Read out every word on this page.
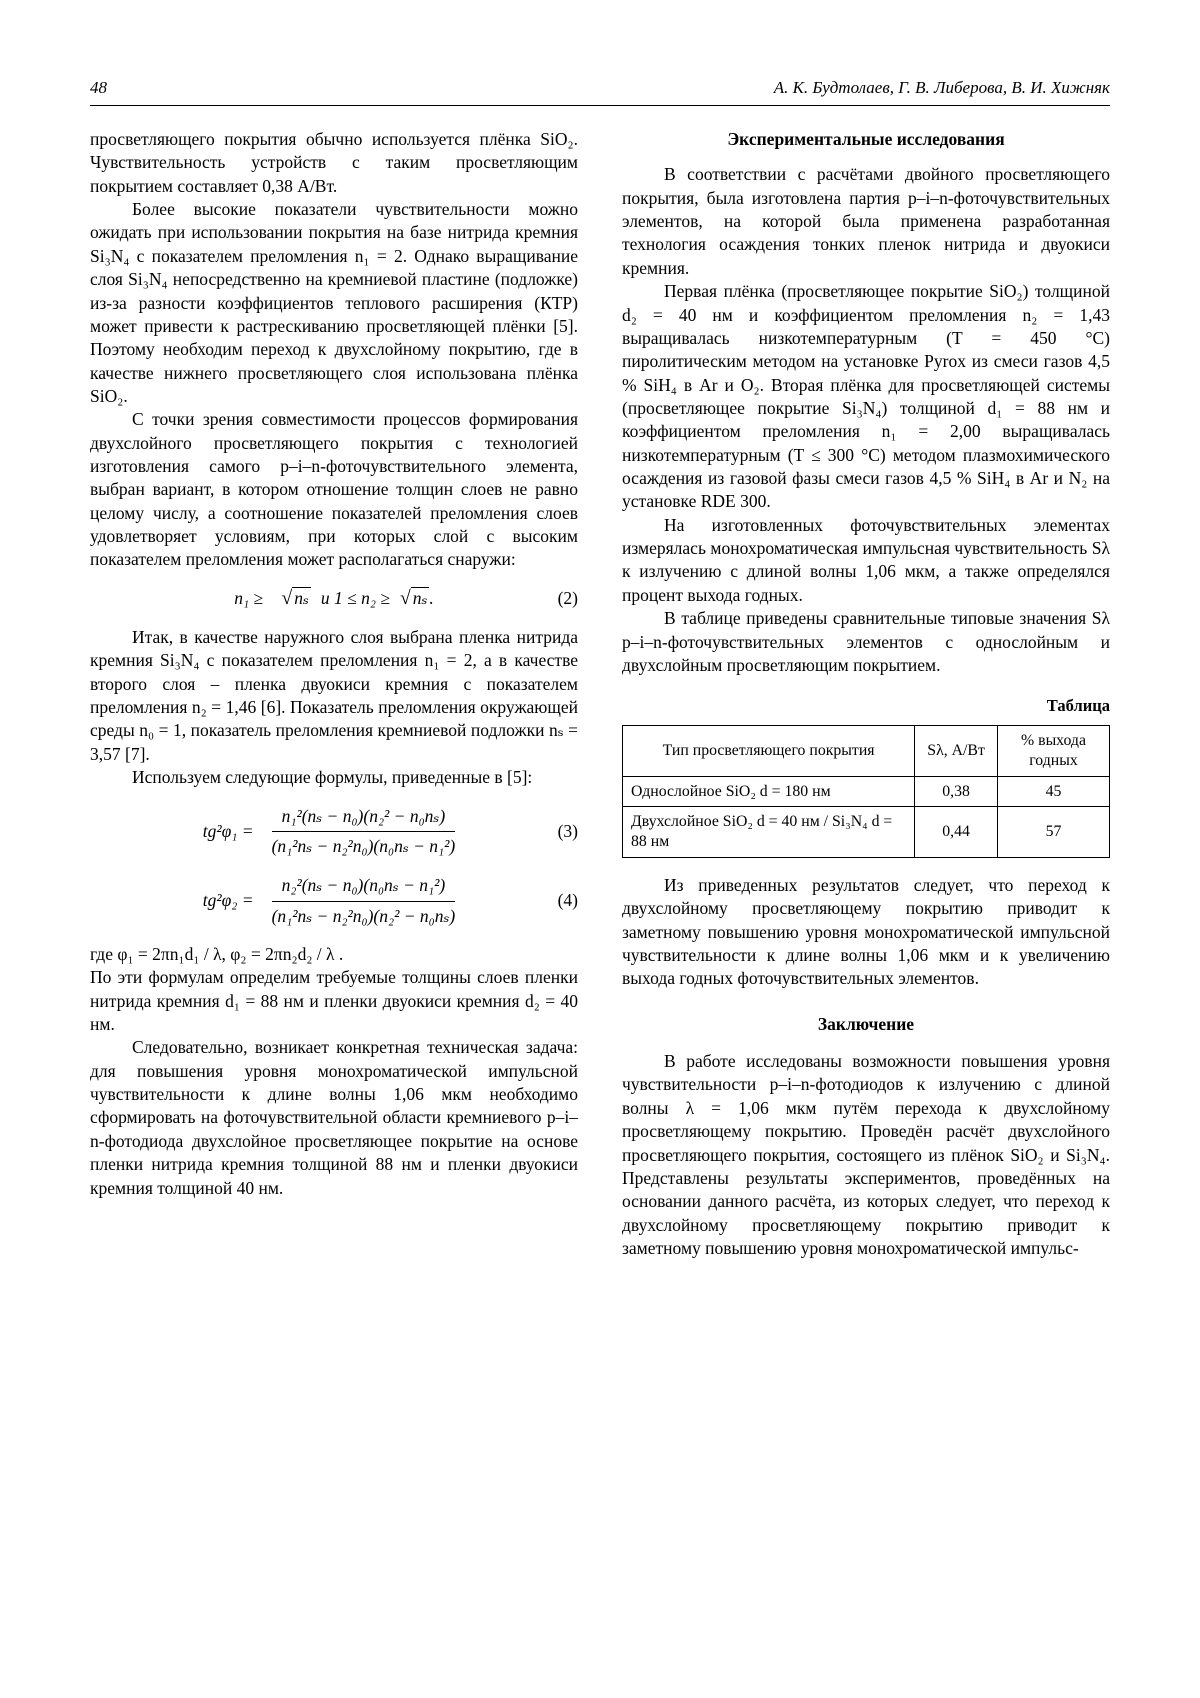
48	А. К. Будтолаев, Г. В. Либерова, В. И. Хижняк

просветляющего покрытия обычно используется плёнка SiO₂. Чувствительность устройств с таким просветляющим покрытием составляет 0,38 А/Вт.

Более высокие показатели чувствительности можно ожидать при использовании покрытия на базе нитрида кремния Si₃N₄ с показателем преломления n₁ = 2. Однако выращивание слоя Si₃N₄ непосредственно на кремниевой пластине (подложке) из-за разности коэффициентов теплового расширения (КТР) может привести к растрескиванию просветляющей плёнки [5]. Поэтому необходим переход к двухслойному покрытию, где в качестве нижнего просветляющего слоя использована плёнка SiO₂.

С точки зрения совместимости процессов формирования двухслойного просветляющего покрытия с технологией изготовления самого p–i–n-фоточувствительного элемента, выбран вариант, в котором отношение толщин слоев не равно целому числу, а соотношение показателей преломления слоев удовлетворяет условиям, при которых слой с высоким показателем преломления может располагаться снаружи:

n₁ ≥ √ nₛ и 1 ≤ n₂ ≥ √ nₛ .	(2)

Итак, в качестве наружного слоя выбрана пленка нитрида кремния Si₃N₄ с показателем преломления n₁ = 2, а в качестве второго слоя – пленка двуокиси кремния с показателем преломления n₂ = 1,46 [6]. Показатель преломления окружающей среды n₀ = 1, показатель преломления кремниевой подложки nₛ = 3,57 [7].

Используем следующие формулы, приведенные в [5]:

$tg^2\varphi_1 = \frac{\text{n₁²(nₛ − n₀)(n₂² − n₀nₛ)}}{\text{(n₁²nₛ − n₂²n₀)(n₀nₛ − n₁²)}}$	(3)
$tg^2\varphi_2 = \frac{\text{n₂²(nₛ − n₀)(n₀nₛ − n₁²)}}{\text{(n₁²nₛ − n₂²n₀)(n₂² − n₀nₛ)}}$	(4)

где φ₁ = 2πn₁d₁ / λ, φ₂ = 2πn₂d₂ / λ .

По эти формулам определим требуемые толщины слоев пленки нитрида кремния d₁ = 88 нм и пленки двуокиси кремния d₂ = 40 нм.

Следовательно, возникает конкретная техническая задача: для повышения уровня монохроматической импульсной чувствительности к длине волны 1,06 мкм необходимо сформировать на фоточувствительной области кремниевого p–i–n-фотодиода двухслойное просветляющее покрытие на основе пленки нитрида кремния толщиной 88 нм и пленки двуокиси кремния толщиной 40 нм.

Экспериментальные исследования

В соответствии с расчётами двойного просветляющего покрытия, была изготовлена партия p–i–n-фоточувствительных элементов, на которой была применена разработанная технология осаждения тонких пленок нитрида и двуокиси кремния.

Первая плёнка (просветляющее покрытие SiO₂) толщиной d₂ = 40 нм и коэффициентом преломления n₂ = 1,43 выращивалась низкотемпературным (T = 450 °C) пиролитическим методом на установке Pyrox из смеси газов 4,5 % SiH₄ в Ar и O₂. Вторая плёнка для просветляющей системы (просветляющее покрытие Si₃N₄) толщиной d₁ = 88 нм и коэффициентом преломления n₁ = 2,00 выращивалась низкотемпературным (T ≤ 300 °C) методом плазмохимического осаждения из газовой фазы смеси газов 4,5 % SiH₄ в Ar и N₂ на установке RDE 300.

На изготовленных фоточувствительных элементах измерялась монохроматическая импульсная чувствительность Sλ к излучению с длиной волны 1,06 мкм, а также определялся процент выхода годных.

В таблице приведены сравнительные типовые значения Sλ p–i–n-фоточувствительных элементов с однослойным и двухслойным просветляющим покрытием.

Таблица
Тип просветляющего покрытия	Sλ, А/Вт	% выхода годных
Однослойное SiO₂ d = 180 нм	0,38	45
Двухслойное SiO₂ d = 40 нм / Si₃N₄ d = 88 нм	0,44	57

Из приведенных результатов следует, что переход к двухслойному просветляющему покрытию приводит к заметному повышению уровня монохроматической импульсной чувствительности к длине волны 1,06 мкм и к увеличению выхода годных фоточувствительных элементов.

Заключение

В работе исследованы возможности повышения уровня чувствительности p–i–n-фотодиодов к излучению с длиной волны λ = 1,06 мкм путём перехода к двухслойному просветляющему покрытию. Проведён расчёт двухслойного просветляющего покрытия, состоящего из плёнок SiO₂ и Si₃N₄. Представлены результаты экспериментов, проведённых на основании данного расчёта, из которых следует, что переход к двухслойному просветляющему покрытию приводит к заметному повышению уровня монохроматической импульс-
